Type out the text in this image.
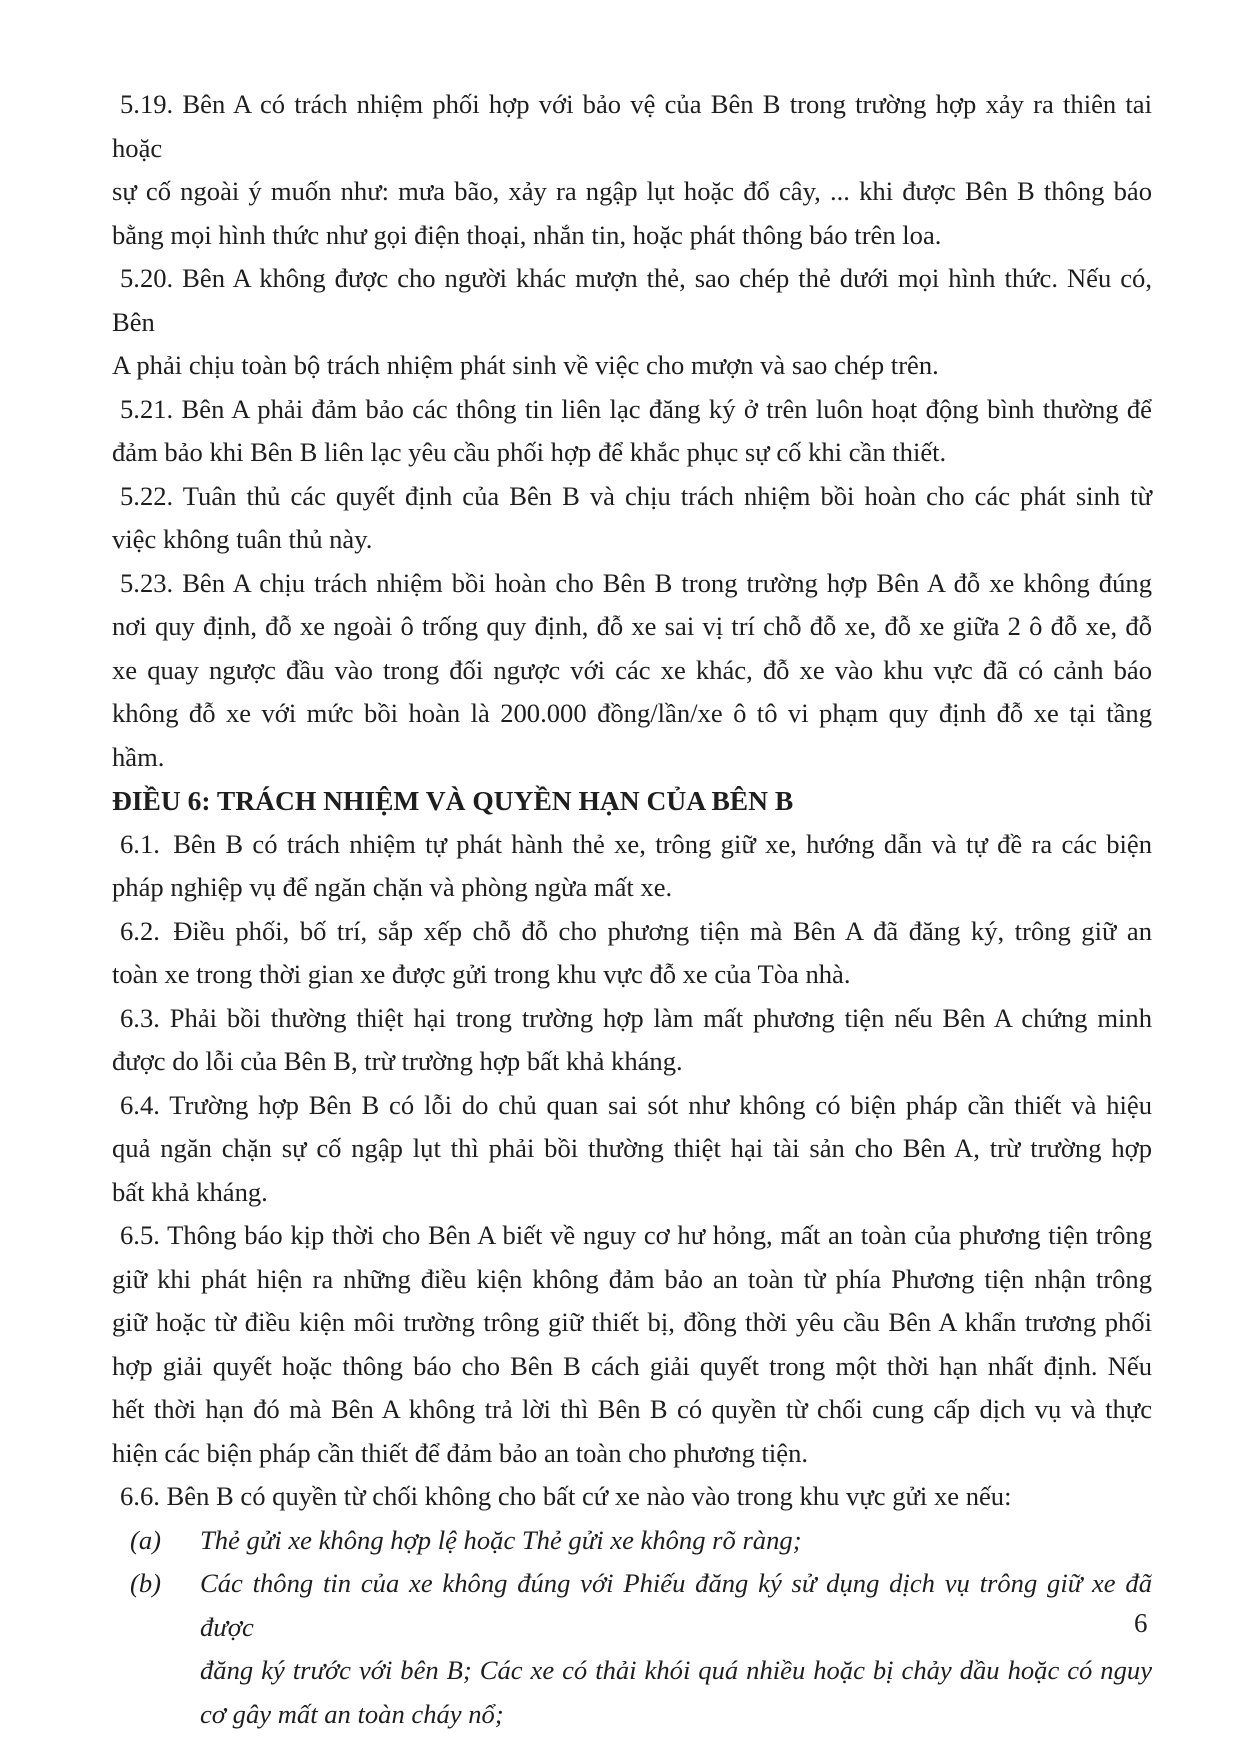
5.19. Bên A có trách nhiệm phối hợp với bảo vệ của Bên B trong trường hợp xảy ra thiên tai hoặc
sự cố ngoài ý muốn như: mưa bão, xảy ra ngập lụt hoặc đổ cây, ... khi được Bên B thông báo
bằng mọi hình thức như gọi điện thoại, nhắn tin, hoặc phát thông báo trên loa.
5.20. Bên A không được cho người khác mượn thẻ, sao chép thẻ dưới mọi hình thức. Nếu có, Bên
A phải chịu toàn bộ trách nhiệm phát sinh về việc cho mượn và sao chép trên.
5.21. Bên A phải đảm bảo các thông tin liên lạc đăng ký ở trên luôn hoạt động bình thường để
đảm bảo khi Bên B liên lạc yêu cầu phối hợp để khắc phục sự cố khi cần thiết.
5.22. Tuân thủ các quyết định của Bên B và chịu trách nhiệm bồi hoàn cho các phát sinh từ
việc không tuân thủ này.
5.23. Bên A chịu trách nhiệm bồi hoàn cho Bên B trong trường hợp Bên A đỗ xe không đúng
nơi quy định, đỗ xe ngoài ô trống quy định, đỗ xe sai vị trí chỗ đỗ xe, đỗ xe giữa 2 ô đỗ xe, đỗ
xe quay ngược đầu vào trong đối ngược với các xe khác, đỗ xe vào khu vực đã có cảnh báo
không đỗ xe với mức bồi hoàn là 200.000 đồng/lần/xe ô tô vi phạm quy định đỗ xe tại tầng
hầm.
ĐIỀU 6: TRÁCH NHIỆM VÀ QUYỀN HẠN CỦA BÊN B
6.1. Bên B có trách nhiệm tự phát hành thẻ xe, trông giữ xe, hướng dẫn và tự đề ra các biện
pháp nghiệp vụ để ngăn chặn và phòng ngừa mất xe.
6.2. Điều phối, bố trí, sắp xếp chỗ đỗ cho phương tiện mà Bên A đã đăng ký, trông giữ an
toàn xe trong thời gian xe được gửi trong khu vực đỗ xe của Tòa nhà.
6.3. Phải bồi thường thiệt hại trong trường hợp làm mất phương tiện nếu Bên A chứng minh
được do lỗi của Bên B, trừ trường hợp bất khả kháng.
6.4. Trường hợp Bên B có lỗi do chủ quan sai sót như không có biện pháp cần thiết và hiệu
quả ngăn chặn sự cố ngập lụt thì phải bồi thường thiệt hại tài sản cho Bên A, trừ trường hợp
bất khả kháng.
6.5. Thông báo kịp thời cho Bên A biết về nguy cơ hư hỏng, mất an toàn của phương tiện trông
giữ khi phát hiện ra những điều kiện không đảm bảo an toàn từ phía Phương tiện nhận trông
giữ hoặc từ điều kiện môi trường trông giữ thiết bị, đồng thời yêu cầu Bên A khẩn trương phối
hợp giải quyết hoặc thông báo cho Bên B cách giải quyết trong một thời hạn nhất định. Nếu
hết thời hạn đó mà Bên A không trả lời thì Bên B có quyền từ chối cung cấp dịch vụ và thực
hiện các biện pháp cần thiết để đảm bảo an toàn cho phương tiện.
6.6. Bên B có quyền từ chối không cho bất cứ xe nào vào trong khu vực gửi xe nếu:
(a) Thẻ gửi xe không hợp lệ hoặc Thẻ gửi xe không rõ ràng;
(b) Các thông tin của xe không đúng với Phiếu đăng ký sử dụng dịch vụ trông giữ xe đã được
đăng ký trước với bên B; Các xe có thải khói quá nhiều hoặc bị chảy dầu hoặc có nguy
cơ gây mất an toàn cháy nổ;
6
